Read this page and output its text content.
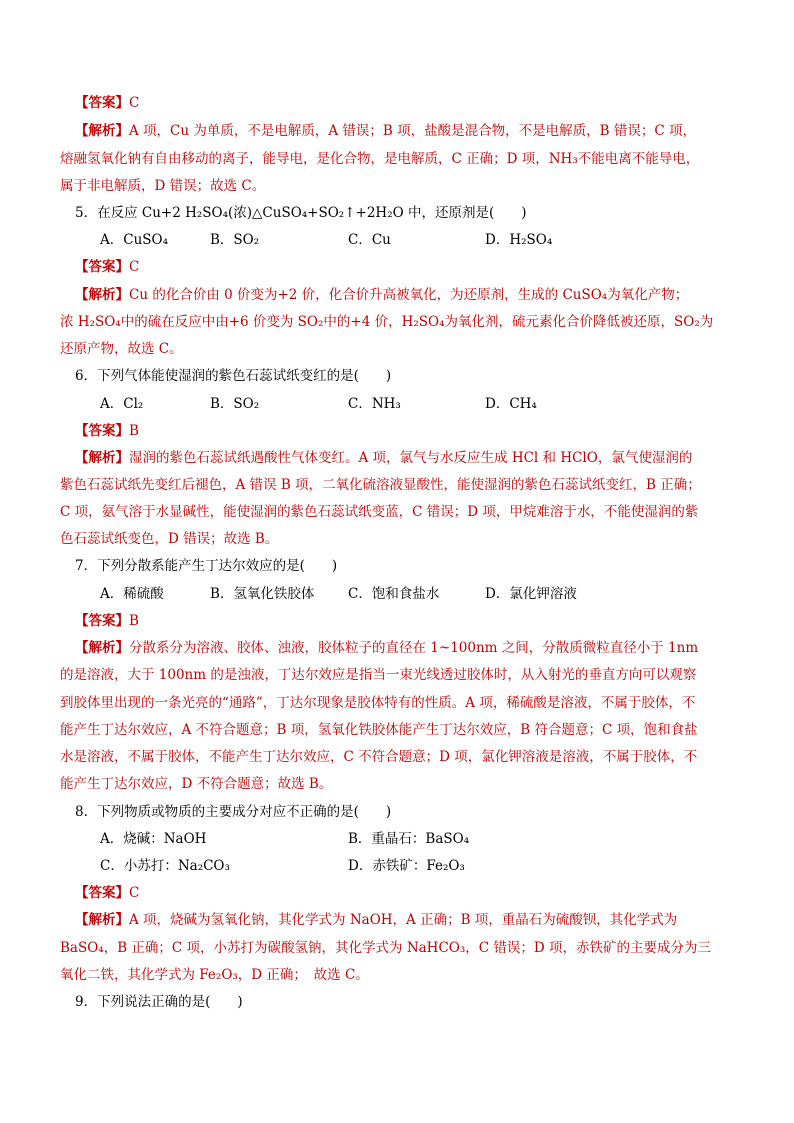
【答案】C
【解析】A 项，Cu 为单质，不是电解质，A 错误；B 项，盐酸是混合物，不是电解质，B 错误；C 项，
熔融氢氧化钠有自由移动的离子，能导电，是化合物，是电解质，C 正确；D 项，NH₃不能电离不能导电，
属于非电解质，D 错误；故选 C。
5．在反应 Cu+2 H₂SO₄(浓)△CuSO₄+SO₂↑+2H₂O 中，还原剂是(　　)
A．CuSO₄	B．SO₂	C．Cu	D．H₂SO₄
【答案】C
【解析】Cu 的化合价由 0 价变为+2 价，化合价升高被氧化，为还原剂，生成的 CuSO₄为氧化产物；
浓 H₂SO₄中的硫在反应中由+6 价变为 SO₂中的+4 价，H₂SO₄为氧化剂，硫元素化合价降低被还原，SO₂为
还原产物，故选 C。
6．下列气体能使湿润的紫色石蕊试纸变红的是(　　)
A．Cl₂	B．SO₂	C．NH₃	D．CH₄
【答案】B
【解析】湿润的紫色石蕊试纸遇酸性气体变红。A 项，氯气与水反应生成 HCl 和 HClO，氯气使湿润的
紫色石蕊试纸先变红后褪色，A 错误 B 项，二氧化硫溶液显酸性，能使湿润的紫色石蕊试纸变红，B 正确；
C 项，氨气溶于水显碱性，能使湿润的紫色石蕊试纸变蓝，C 错误；D 项，甲烷难溶于水，不能使湿润的紫
色石蕊试纸变色，D 错误；故选 B。
7．下列分散系能产生丁达尔效应的是(　　)
A．稀硫酸	B．氢氧化铁胶体 C．饱和食盐水	D．氯化钾溶液
【答案】B
【解析】分散系分为溶液、胶体、浊液，胶体粒子的直径在 1~100nm 之间，分散质微粒直径小于 1nm
的是溶液，大于 100nm 的是浊液，丁达尔效应是指当一束光线透过胶体时，从入射光的垂直方向可以观察
到胶体里出现的一条光亮的“通路”，丁达尔现象是胶体特有的性质。A 项，稀硫酸是溶液，不属于胶体，不
能产生丁达尔效应，A 不符合题意；B 项，氢氧化铁胶体能产生丁达尔效应，B 符合题意；C 项，饱和食盐
水是溶液，不属于胶体，不能产生丁达尔效应，C 不符合题意；D 项，氯化钾溶液是溶液，不属于胶体，不
能产生丁达尔效应，D 不符合题意；故选 B。
8．下列物质或物质的主要成分对应不正确的是(　　)
A．烧碱：NaOH	B．重晶石：BaSO₄
C．小苏打：Na₂CO₃	D．赤铁矿：Fe₂O₃
【答案】C
【解析】A 项，烧碱为氢氧化钠，其化学式为 NaOH，A 正确；B 项，重晶石为硫酸钡，其化学式为
BaSO₄，B 正确；C 项，小苏打为碳酸氢钠，其化学式为 NaHCO₃，C 错误；D 项，赤铁矿的主要成分为三
氧化二铁，其化学式为 Fe₂O₃，D 正确；　故选 C。
9．下列说法正确的是(　　)
